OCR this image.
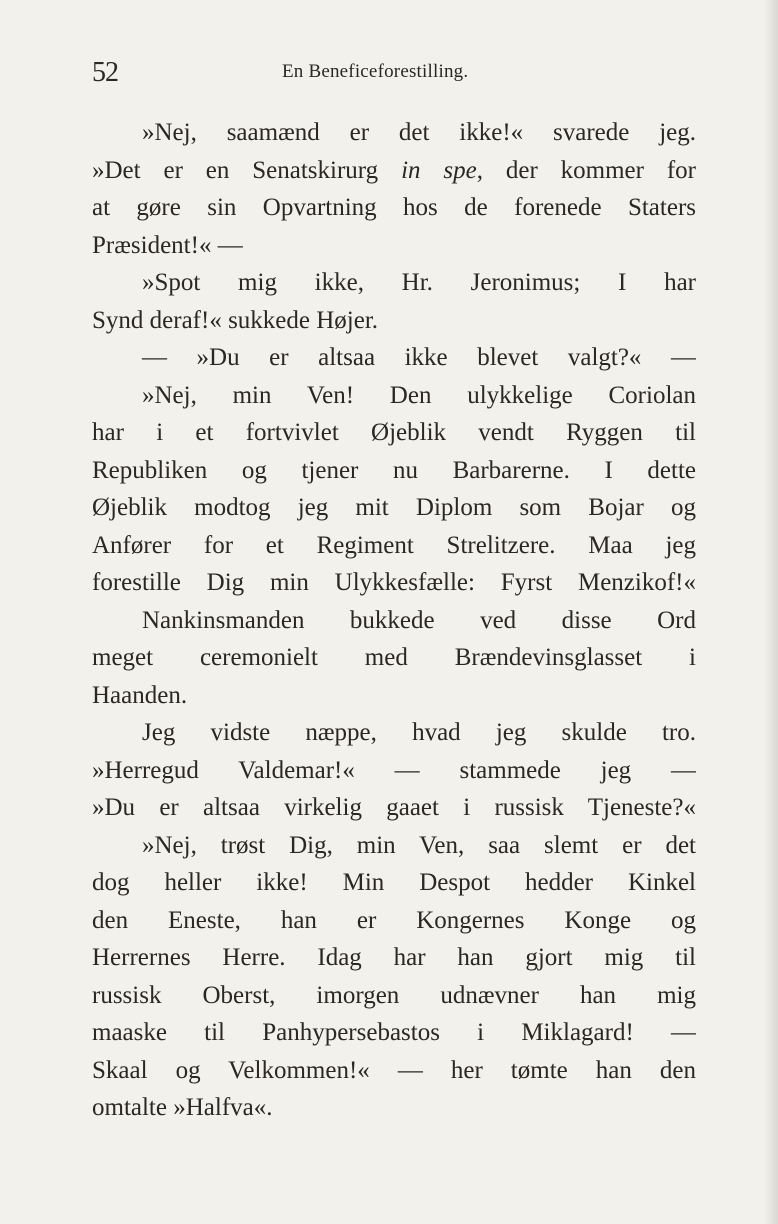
52	En Beneficeforestilling.
»Nej, saamænd er det ikke!« svarede jeg.
»Det er en Senatskirurg in spe, der kommer for
at gøre sin Opvartning hos de forenede Staters
Præsident!« —
»Spot mig ikke, Hr. Jeronimus; I har
Synd deraf!« sukkede Højer.
— »Du er altsaa ikke blevet valgt?« —
»Nej, min Ven! Den ulykkelige Coriolan
har i et fortvivlet Øjeblik vendt Ryggen til
Republiken og tjener nu Barbarerne. I dette
Øjeblik modtog jeg mit Diplom som Bojar og
Anfører for et Regiment Strelitzere. Maa jeg
forestille Dig min Ulykkesfælle: Fyrst Menzikof!«
Nankinsmanden bukkede ved disse Ord
meget ceremonielt med Brændevinsglasset i
Haanden.
Jeg vidste næppe, hvad jeg skulde tro.
»Herregud Valdemar!« — stammede jeg —
»Du er altsaa virkelig gaaet i russisk Tjeneste?«
»Nej, trøst Dig, min Ven, saa slemt er det
dog heller ikke! Min Despot hedder Kinkel
den Eneste, han er Kongernes Konge og
Herrernes Herre. Idag har han gjort mig til
russisk Oberst, imorgen udnævner han mig
maaske til Panhypersebastos i Miklagard! —
Skaal og Velkommen!« — her tømte han den
omtalte »Halfva«.
